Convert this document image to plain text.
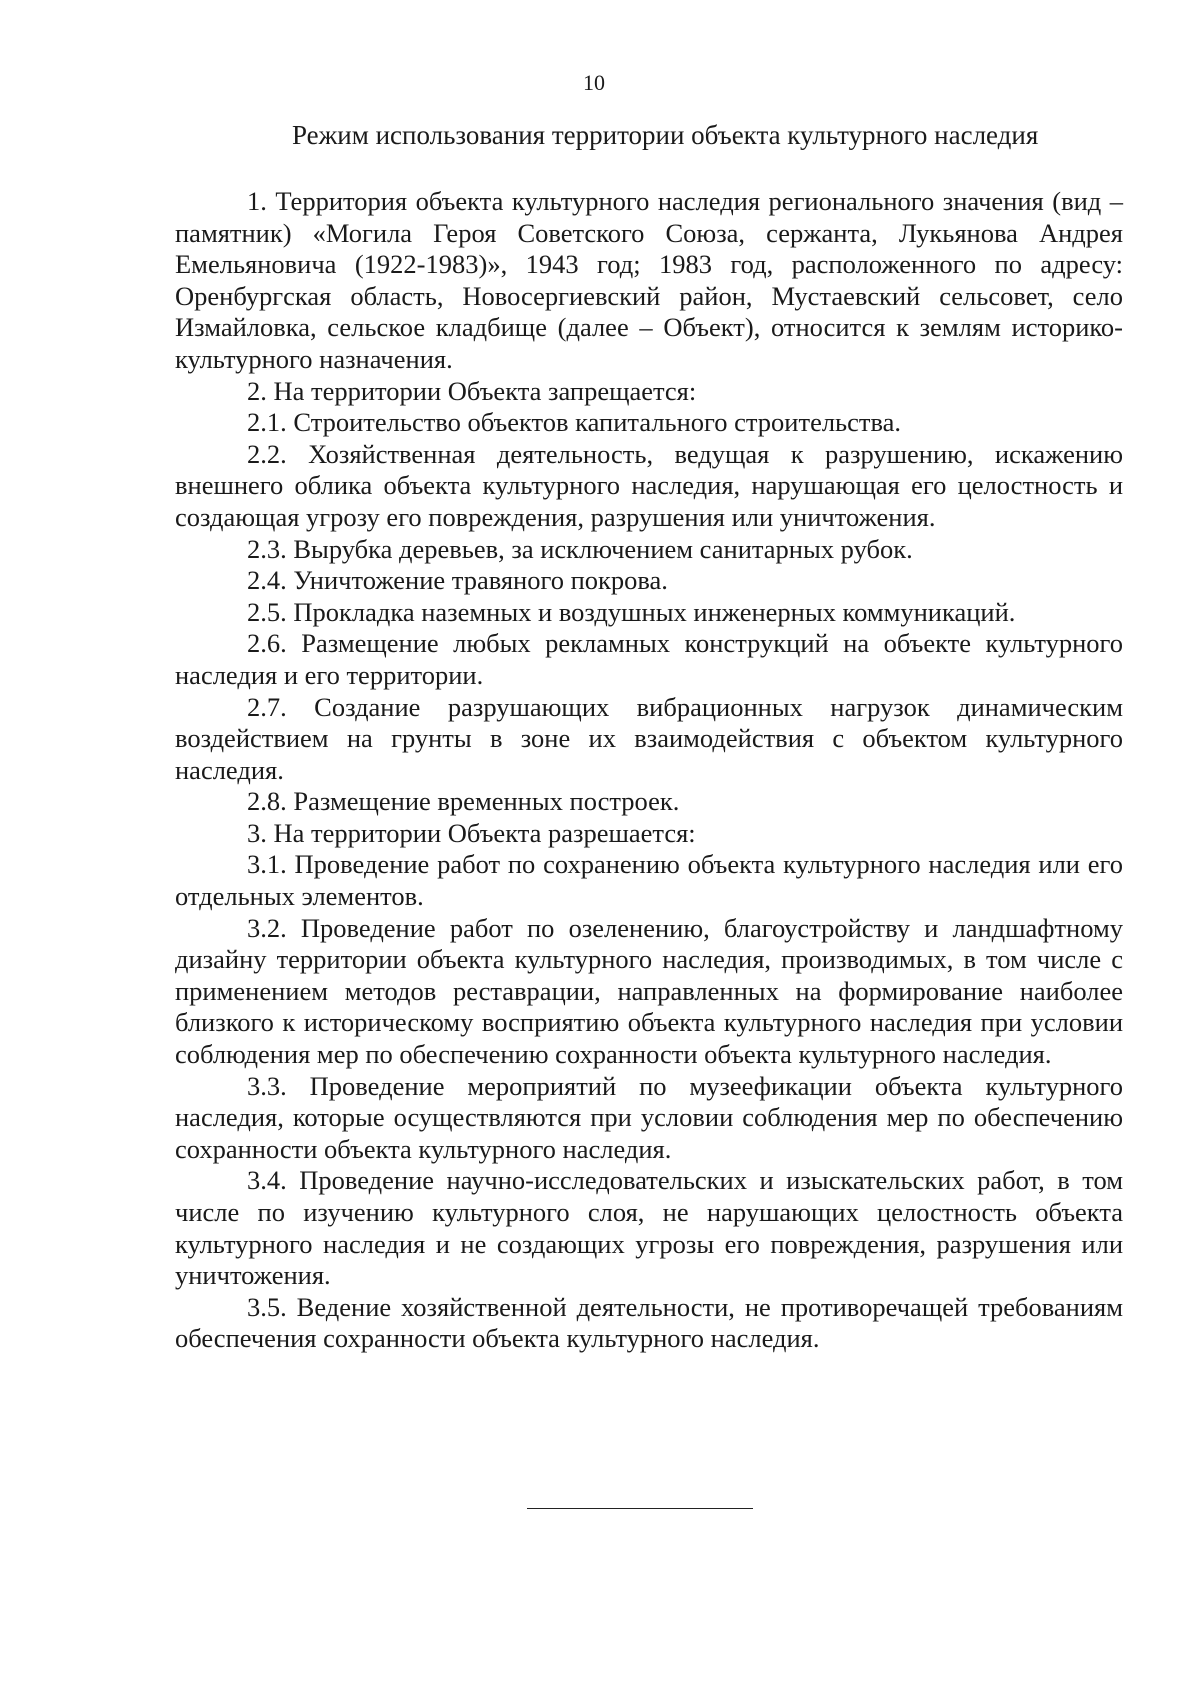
10
Режим использования территории объекта культурного наследия

1. Территория объекта культурного наследия регионального значения (вид – памятник) «Могила Героя Советского Союза, сержанта, Лукьянова Андрея Емельяновича (1922-1983)», 1943 год; 1983 год, расположенного по адресу: Оренбургская область, Новосергиевский район, Мустаевский сельсовет, село Измайловка, сельское кладбище (далее – Объект), относится к землям историко-культурного назначения.

2. На территории Объекта запрещается:

2.1. Строительство объектов капитального строительства.

2.2. Хозяйственная деятельность, ведущая к разрушению, искажению внешнего облика объекта культурного наследия, нарушающая его целостность и создающая угрозу его повреждения, разрушения или уничтожения.

2.3. Вырубка деревьев, за исключением санитарных рубок.

2.4. Уничтожение травяного покрова.

2.5. Прокладка наземных и воздушных инженерных коммуникаций.

2.6. Размещение любых рекламных конструкций на объекте культурного наследия и его территории.

2.7. Создание разрушающих вибрационных нагрузок динамическим воздействием на грунты в зоне их взаимодействия с объектом культурного наследия.

2.8. Размещение временных построек.

3. На территории Объекта разрешается:

3.1. Проведение работ по сохранению объекта культурного наследия или его отдельных элементов.

3.2. Проведение работ по озеленению, благоустройству и ландшафтному дизайну территории объекта культурного наследия, производимых, в том числе с применением методов реставрации, направленных на формирование наиболее близкого к историческому восприятию объекта культурного наследия при условии соблюдения мер по обеспечению сохранности объекта культурного наследия.

3.3. Проведение мероприятий по музеефикации объекта культурного наследия, которые осуществляются при условии соблюдения мер по обеспечению сохранности объекта культурного наследия.

3.4. Проведение научно-исследовательских и изыскательских работ, в том числе по изучению культурного слоя, не нарушающих целостность объекта культурного наследия и не создающих угрозы его повреждения, разрушения или уничтожения.

3.5. Ведение хозяйственной деятельности, не противоречащей требованиям обеспечения сохранности объекта культурного наследия.
